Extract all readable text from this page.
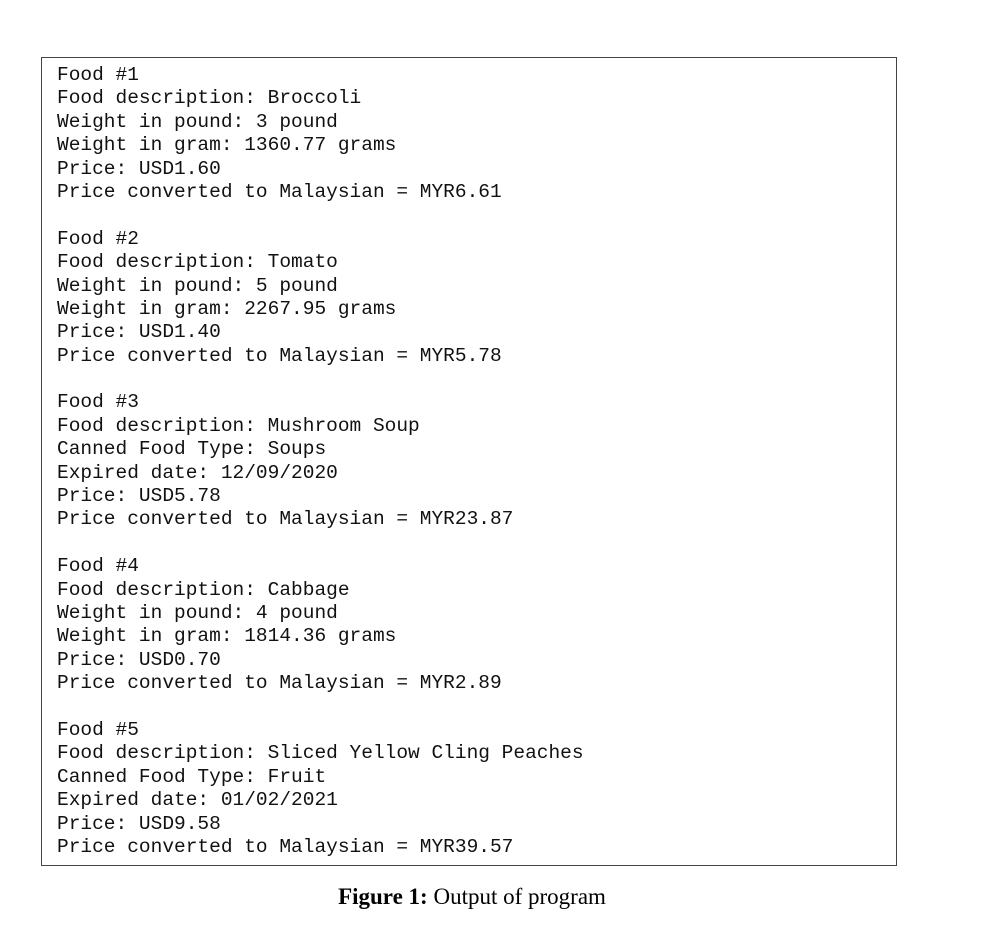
Food #1
Food description: Broccoli
Weight in pound: 3 pound
Weight in gram: 1360.77 grams
Price: USD1.60
Price converted to Malaysian = MYR6.61
Food #2
Food description: Tomato
Weight in pound: 5 pound
Weight in gram: 2267.95 grams
Price: USD1.40
Price converted to Malaysian = MYR5.78
Food #3
Food description: Mushroom Soup
Canned Food Type: Soups
Expired date: 12/09/2020
Price: USD5.78
Price converted to Malaysian = MYR23.87
Food #4
Food description: Cabbage
Weight in pound: 4 pound
Weight in gram: 1814.36 grams
Price: USD0.70
Price converted to Malaysian = MYR2.89
Food #5
Food description: Sliced Yellow Cling Peaches
Canned Food Type: Fruit
Expired date: 01/02/2021
Price: USD9.58
Price converted to Malaysian = MYR39.57
Figure 1: Output of program
